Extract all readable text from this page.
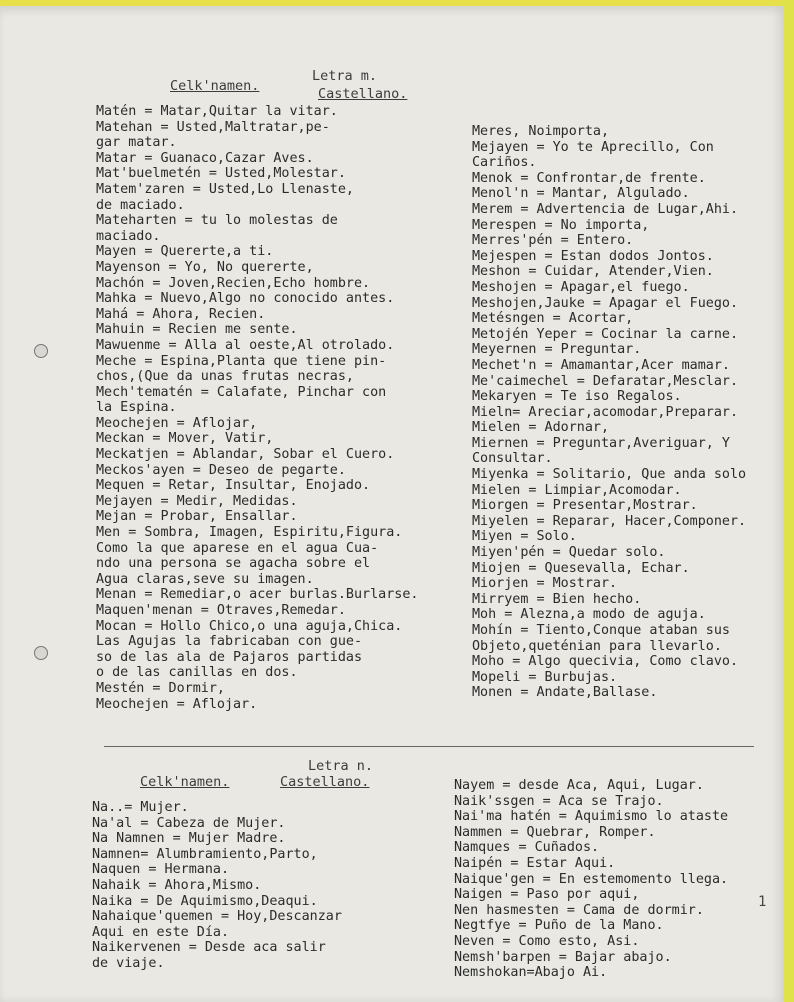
Celk'namen.
Letra m.
Castellano.
Matén = Matar,Quitar la vitar.
Matehan = Usted,Maltratar,pe-
gar matar.
Matar = Guanaco,Cazar Aves.
Mat'buelmetén = Usted,Molestar.
Matem'zaren = Usted,Lo Llenaste,
de maciado.
Mateharten = tu lo molestas de
maciado.
Mayen = Quererte,a ti.
Mayenson = Yo, No quererte,
Machón = Joven,Recien,Echo hombre.
Mahka = Nuevo,Algo no conocido antes.
Mahá = Ahora, Recien.
Mahuin = Recien me sente.
Mawuenme = Alla al oeste,Al otrolado.
Meche = Espina,Planta que tiene pin-
chos,(Que da unas frutas necras,
Mech'tematén = Calafate, Pinchar con
la Espina.
Meochejen = Aflojar,
Meckan = Mover, Vatir,
Meckatjen = Ablandar, Sobar el Cuero.
Meckos'ayen = Deseo de pegarte.
Mequen = Retar, Insultar, Enojado.
Mejayen = Medir, Medidas.
Mejan = Probar, Ensallar.
Men = Sombra, Imagen, Espiritu,Figura.
Como la que aparese en el agua Cua-
ndo una persona se agacha sobre el
Agua claras,seve su imagen.
Menan = Remediar,o acer burlas.Burlarse.
Maquen'menan = Otraves,Remedar.
Mocan = Hollo Chico,o una aguja,Chica.
Las Agujas la fabricaban con gue-
so de las ala de Pajaros partidas
o de las canillas en dos.
Mestén = Dormir,
Meochejen = Aflojar.
Meres, Noimporta,
Mejayen = Yo te Aprecillo, Con
Cariños.
Menok = Confrontar,de frente.
Menol'n = Mantar, Algulado.
Merem = Advertencia de Lugar,Ahi.
Merespen = No importa,
Merres'pén = Entero.
Mejespen = Estan dodos Jontos.
Meshon = Cuidar, Atender,Vien.
Meshojen = Apagar,el fuego.
Meshojen,Jauke = Apagar el Fuego.
Metésngen = Acortar,
Metojén Yeper = Cocinar la carne.
Meyernen = Preguntar.
Mechet'n = Amamantar,Acer mamar.
Me'caimechel = Defaratar,Mesclar.
Mekaryen = Te iso Regalos.
Mieln= Areciar,acomodar,Preparar.
Mielen = Adornar,
Miernen = Preguntar,Averiguar, Y
Consultar.
Miyenka = Solitario, Que anda solo
Mielen = Limpiar,Acomodar.
Miorgen = Presentar,Mostrar.
Miyelen = Reparar, Hacer,Componer.
Miyen = Solo.
Miyen'pén = Quedar solo.
Miojen = Quesevalla, Echar.
Miorjen = Mostrar.
Mirryem = Bien hecho.
Moh = Alezna,a modo de aguja.
Mohín = Tiento,Conque ataban sus
Objeto,queténian para llevarlo.
Moho = Algo quecivia, Como clavo.
Mopeli = Burbujas.
Monen = Andate,Ballase.
Letra n.
Celk'namen.	Castellano.
Na..= Mujer.
Na'al = Cabeza de Mujer.
Na Namnen = Mujer Madre.
Namnen= Alumbramiento,Parto,
Naquen = Hermana.
Nahaik = Ahora,Mismo.
Naika = De Aquimismo,Deaqui.
Nahaique'quemen = Hoy,Descanzar
Aqui en este Día.
Naikervenen = Desde aca salir
de viaje.
Nayem = desde Aca, Aqui, Lugar.
Naik'ssgen = Aca se Trajo.
Nai'ma hatén = Aquimismo lo ataste
Nammen = Quebrar, Romper.
Namques = Cuñados.
Naipén = Estar Aqui.
Naique'gen = En estemomento llega.
Naigen = Paso por aqui,
Nen hasmesten = Cama de dormir.
Negtfye = Puño de la Mano.
Neven = Como esto, Asi.
Nemsh'barpen = Bajar abajo.
Nemshokan=Abajo Ai.
1
